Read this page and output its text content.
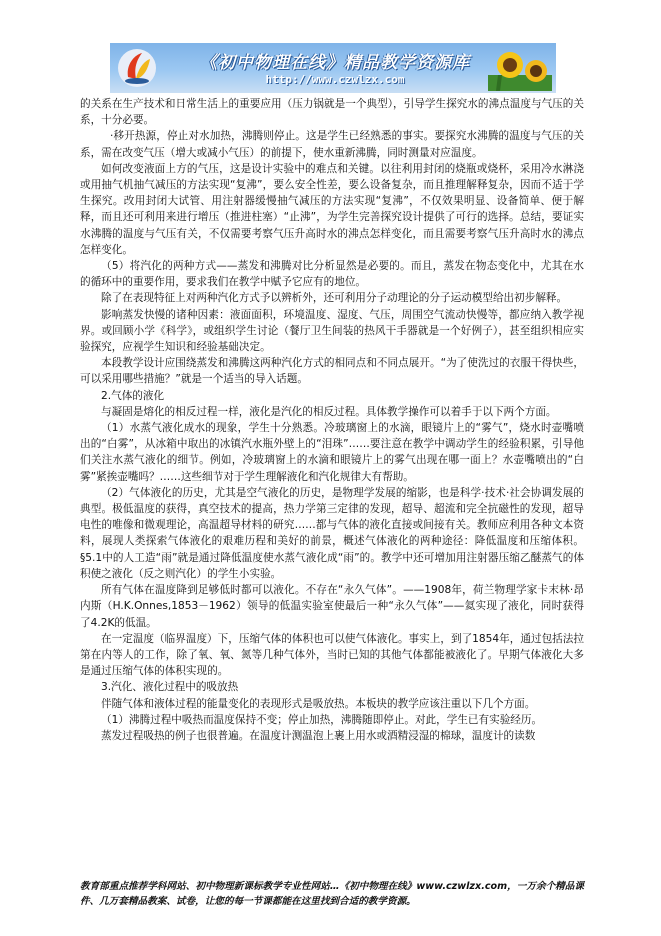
《初中物理在线》精品教学资源库
http://www.czwlzx.com

的关系在生产技术和日常生活上的重要应用（压力锅就是一个典型），引导学生探究水的沸点温度与气压的关系，十分必要。

·移开热源，停止对水加热，沸腾则停止。这是学生已经熟悉的事实。要探究水沸腾的温度与气压的关系，需在改变气压（增大或减小气压）的前提下，使水重新沸腾，同时测量对应温度。

如何改变液面上方的气压，这是设计实验中的难点和关键。以往利用封闭的烧瓶或烧杯，采用冷水淋浇或用抽气机抽气减压的方法实现“复沸”，要么安全性差，要么设备复杂，而且推理解释复杂，因而不适于学生探究。改用封闭大试管、用注射器缓慢抽气减压的方法实现“复沸”，不仅效果明显、设备简单、便于解释，而且还可利用来进行增压（推进柱塞）“止沸”，为学生完善探究设计提供了可行的选择。总结，要证实水沸腾的温度与气压有关，不仅需要考察气压升高时水的沸点怎样变化，而且需要考察气压升高时水的沸点怎样变化。

（5）将汽化的两种方式——蒸发和沸腾对比分析显然是必要的。而且，蒸发在物态变化中，尤其在水的循环中的重要作用，要求我们在教学中赋予它应有的地位。

除了在表现特征上对两种汽化方式予以辨析外，还可利用分子动理论的分子运动模型给出初步解释。

影响蒸发快慢的诸种因素：液面面积，环境温度、湿度、气压，周围空气流动快慢等，都应纳入教学视界。或回顾小学《科学》，或组织学生讨论（餐厅卫生间装的热风干手器就是一个好例子），甚至组织相应实验探究，应视学生知识和经验基础决定。

本段教学设计应围绕蒸发和沸腾这两种汽化方式的相同点和不同点展开。“为了使洗过的衣服干得快些，可以采用哪些措施？”就是一个适当的导入话题。

2.气体的液化

与凝固是熔化的相反过程一样，液化是汽化的相反过程。具体教学操作可以着手于以下两个方面。

（1）水蒸气液化成水的现象，学生十分熟悉。冷玻璃窗上的水滴，眼镜片上的“雾气”，烧水时壶嘴喷出的“白雾”，从冰箱中取出的冰镇汽水瓶外壁上的“泪珠”……要注意在教学中调动学生的经验积累，引导他们关注水蒸气液化的细节。例如，冷玻璃窗上的水滴和眼镜片上的雾气出现在哪一面上？水壶嘴喷出的“白雾”紧挨壶嘴吗？……这些细节对于学生理解液化和汽化规律大有帮助。

（2）气体液化的历史，尤其是空气液化的历史，是物理学发展的缩影，也是科学·技术·社会协调发展的典型。极低温度的获得，真空技术的提高，热力学第三定律的发现，超导、超流和完全抗磁性的发现，超导电性的唯像和微观理论，高温超导材料的研究……都与气体的液化直接或间接有关。教师应利用各种文本资料，展现人类探索气体液化的艰难历程和美好的前景，概述气体液化的两种途径：降低温度和压缩体积。§5.1中的人工造“雨”就是通过降低温度使水蒸气液化成“雨”的。教学中还可增加用注射器压缩乙醚蒸气的体积使之液化（反之则汽化）的学生小实验。

所有气体在温度降到足够低时都可以液化。不存在“永久气体”。——1908年，荷兰物理学家卡末林·昂内斯（H.K.Onnes,1853－1962）领导的低温实验室使最后一种“永久气体”——氦实现了液化，同时获得了4.2K的低温。

在一定温度（临界温度）下，压缩气体的体积也可以使气体液化。事实上，到了1854年，通过包括法拉第在内等人的工作，除了氧、氧、氮等几种气体外，当时已知的其他气体都能被液化了。早期气体液化大多是通过压缩气体的体积实现的。

3.汽化、液化过程中的吸放热

伴随气体和液体过程的能量变化的表现形式是吸放热。本板块的教学应该注重以下几个方面。

（1）沸腾过程中吸热而温度保持不变；停止加热，沸腾随即停止。对此，学生已有实验经历。

蒸发过程吸热的例子也很普遍。在温度计测温泡上裹上用水或酒精浸湿的棉球，温度计的读数

教育部重点推荐学科网站、初中物理新课标教学专业性网站…《初中物理在线》www.czwlzx.com，一万余个精品课件、几万套精品教案、试卷，让您的每一节课都能在这里找到合适的教学资源。
